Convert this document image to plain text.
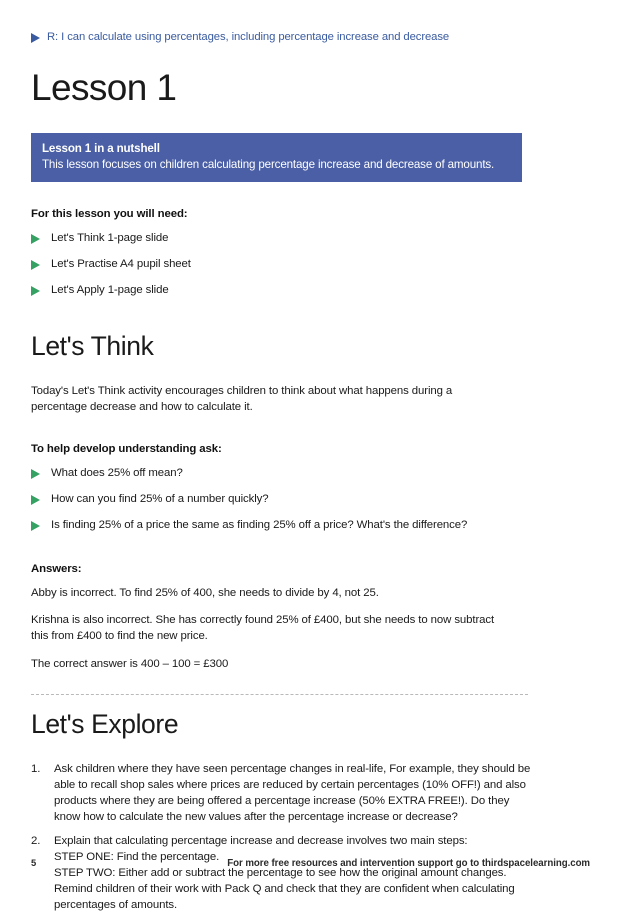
R: I can calculate using percentages, including percentage increase and decrease
Lesson 1
Lesson 1 in a nutshell
This lesson focuses on children calculating percentage increase and decrease of amounts.
For this lesson you will need:
Let's Think 1-page slide
Let's Practise A4 pupil sheet
Let's Apply 1-page slide
Let's Think

Today's Let's Think activity encourages children to think about what happens during a percentage decrease and how to calculate it.

To help develop understanding ask:
What does 25% off mean?
How can you find 25% of a number quickly?
Is finding 25% of a price the same as finding 25% off a price? What's the difference?
Answers:

Abby is incorrect. To find 25% of 400, she needs to divide by 4, not 25.

Krishna is also incorrect. She has correctly found 25% of £400, but she needs to now subtract this from £400 to find the new price.

The correct answer is 400 – 100 = £300

Let's Explore
1.	Ask children where they have seen percentage changes in real-life, For example, they should be able to recall shop sales where prices are reduced by certain percentages (10% OFF!) and also products where they are being offered a percentage increase (50% EXTRA FREE!). Do they know how to calculate the new values after the percentage increase or decrease?
2.	Explain that calculating percentage increase and decrease involves two main steps:
STEP ONE: Find the percentage.
STEP TWO: Either add or subtract the percentage to see how the original amount changes.
Remind children of their work with Pack Q and check that they are confident when calculating percentages of amounts.
5	For more free resources and intervention support go to thirdspacelearning.com
